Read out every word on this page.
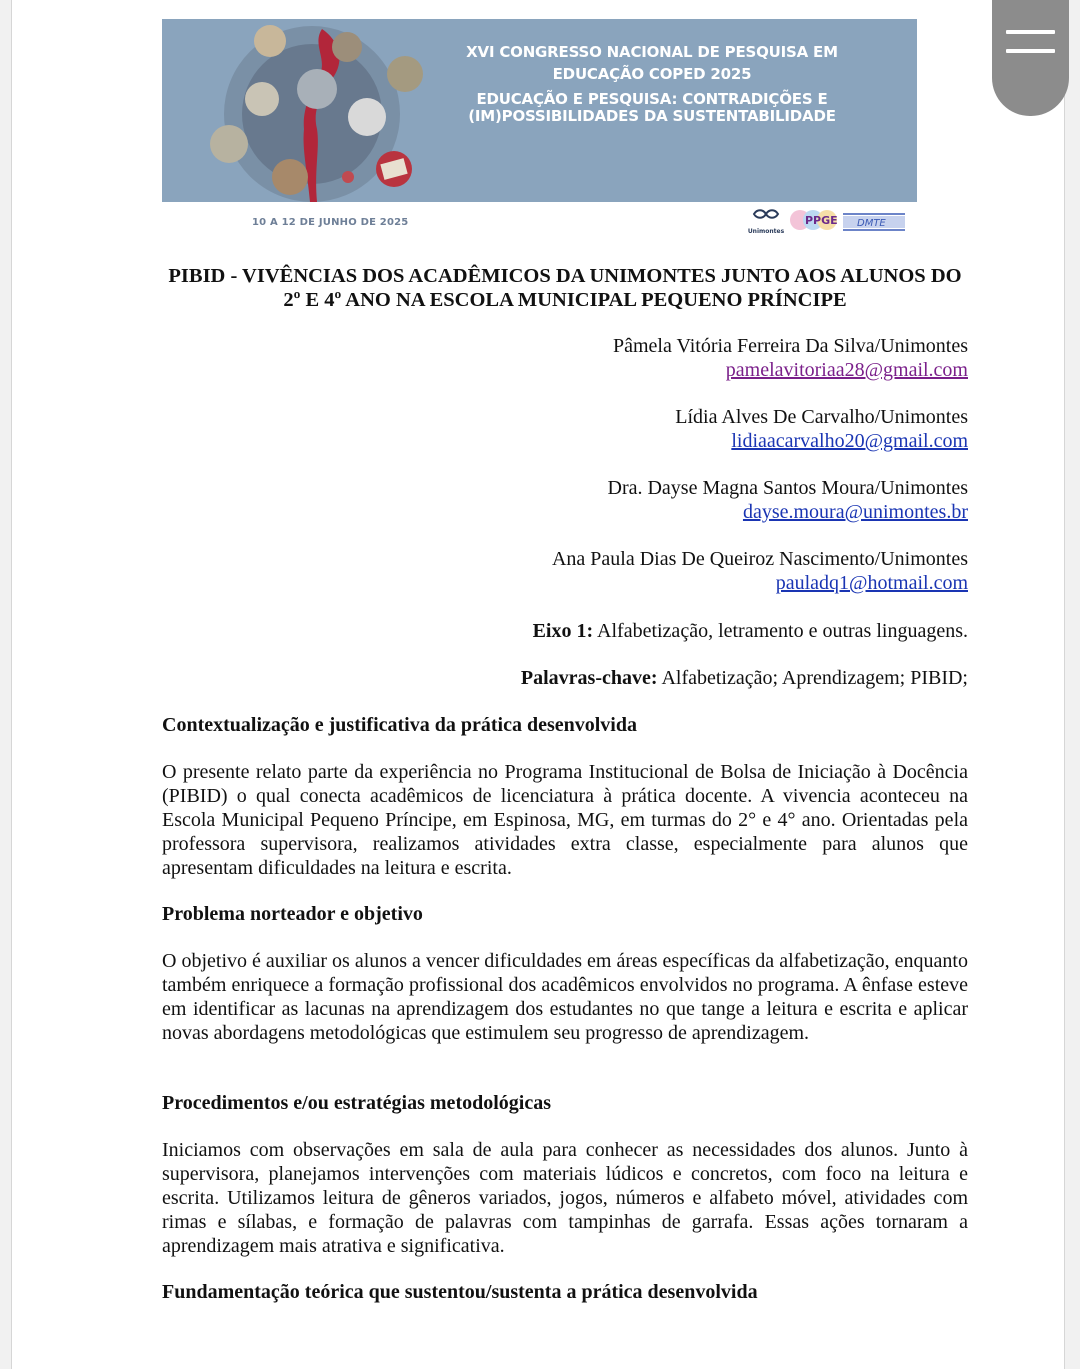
XVI CONGRESSO NACIONAL DE PESQUISA EM EDUCAÇÃO COPED 2025
EDUCAÇÃO E PESQUISA: CONTRADIÇÕES E (IM)POSSIBILIDADES DA SUSTENTABILIDADE
10 A 12 DE JUNHO DE 2025	PPGE DMTE
Unimontes
PIBID - VIVÊNCIAS DOS ACADÊMICOS DA UNIMONTES JUNTO AOS ALUNOS DO 2º E 4º ANO NA ESCOLA MUNICIPAL PEQUENO PRÍNCIPE
Pâmela Vitória Ferreira Da Silva/Unimontes
pamelavitoriaa28@gmail.com
Lídia Alves De Carvalho/Unimontes
lidiaacarvalho20@gmail.com
Dra. Dayse Magna Santos Moura/Unimontes
dayse.moura@unimontes.br
Ana Paula Dias De Queiroz Nascimento/Unimontes
pauladq1@hotmail.com
Eixo 1: Alfabetização, letramento e outras linguagens.
Palavras-chave: Alfabetização; Aprendizagem; PIBID;
Contextualização e justificativa da prática desenvolvida
O presente relato parte da experiência no Programa Institucional de Bolsa de Iniciação à Docência (PIBID) o qual conecta acadêmicos de licenciatura à prática docente. A vivencia aconteceu na Escola Municipal Pequeno Príncipe, em Espinosa, MG, em turmas do 2° e 4° ano. Orientadas pela professora supervisora, realizamos atividades extra classe, especialmente para alunos que apresentam dificuldades na leitura e escrita.
Problema norteador e objetivo
O objetivo é auxiliar os alunos a vencer dificuldades em áreas específicas da alfabetização, enquanto também enriquece a formação profissional dos acadêmicos envolvidos no programa. A ênfase esteve em identificar as lacunas na aprendizagem dos estudantes no que tange a leitura e escrita e aplicar novas abordagens metodológicas que estimulem seu progresso de aprendizagem.
Procedimentos e/ou estratégias metodológicas
Iniciamos com observações em sala de aula para conhecer as necessidades dos alunos. Junto à supervisora, planejamos intervenções com materiais lúdicos e concretos, com foco na leitura e escrita. Utilizamos leitura de gêneros variados, jogos, números e alfabeto móvel, atividades com rimas e sílabas, e formação de palavras com tampinhas de garrafa. Essas ações tornaram a aprendizagem mais atrativa e significativa.
Fundamentação teórica que sustentou/sustenta a prática desenvolvida
